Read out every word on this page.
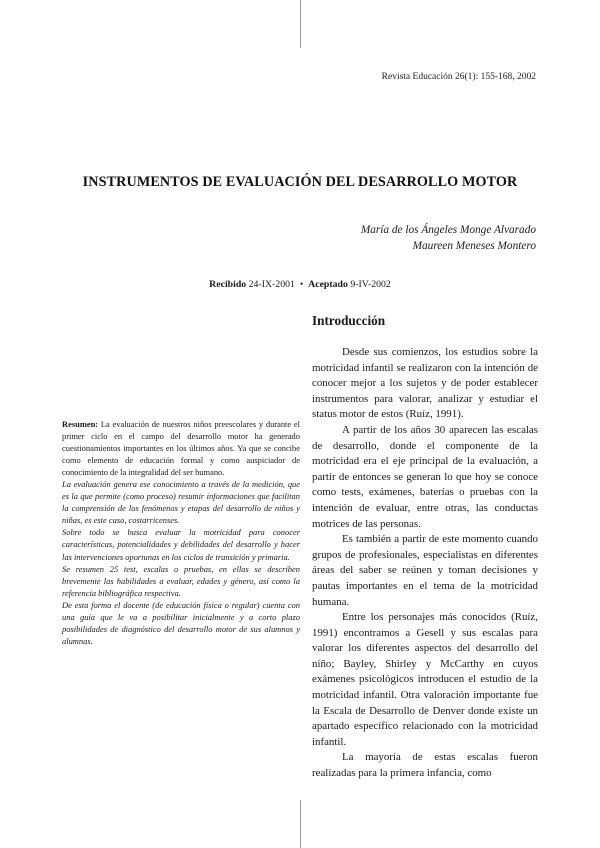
Revista Educación 26(1): 155-168, 2002
INSTRUMENTOS DE EVALUACIÓN DEL DESARROLLO MOTOR
María de los Ángeles Monge Alvarado
Maureen Meneses Montero
Recibido 24-IX-2001 • Aceptado 9-IV-2002

Resumen: La evaluación de nuestros niños preescolares y durante el primer ciclo en el campo del desarrollo motor ha generado cuestionamientos importantes en los últimos años. Ya que se concibe como elemento de educación formal y como auspiciador de conocimiento de la integralidad del ser humano.

La evaluación genera ese conocimiento a través de la medición, que es la que permite (como proceso) resumir informaciones que facilitan la comprensión de los fenómenos y etapas del desarrollo de niños y niñas, es este caso, costarricenses.

Sobre todo se busca evaluar la motricidad para conocer características, potencialidades y debilidades del desarrollo y hacer las intervenciones oportunas en los ciclos de transición y primaria.

Se resumen 25 test, escalas o pruebas, en ellas se describen brevemente las habilidades a evaluar, edades y género, así como la referencia bibliográfica respectiva.

De esta forma el docente (de educación física o regular) cuenta con una guía que le va a posibilitar inicialmente y a corto plazo posibilidades de diagnóstico del desarrollo motor de sus alumnos y alumnas.

Introducción

Desde sus comienzos, los estudios sobre la motricidad infantil se realizaron con la intención de conocer mejor a los sujetos y de poder establecer instrumentos para valorar, analizar y estudiar el status motor de estos (Ruíz, 1991).

A partir de los años 30 aparecen las escalas de desarrollo, donde el componente de la motricidad era el eje principal de la evaluación, a partir de entonces se generan lo que hoy se conoce como tests, exámenes, baterías o pruebas con la intención de evaluar, entre otras, las conductas motrices de las personas.

Es también a partir de este momento cuando grupos de profesionales, especialistas en diferentes áreas del saber se reúnen y toman decisiones y pautas importantes en el tema de la motricidad humana.

Entre los personajes más conocidos (Ruíz, 1991) encontramos a Gesell y sus escalas para valorar los diferentes aspectos del desarrollo del niño; Bayley, Shirley y McCarthy en cuyos exámenes psicológicos introducen el estudio de la motricidad infantil. Otra valoración importante fue la Escala de Desarrollo de Denver donde existe un apartado específico relacionado con la motricidad infantil.

La mayoría de estas escalas fueron realizadas para la primera infancia, como
